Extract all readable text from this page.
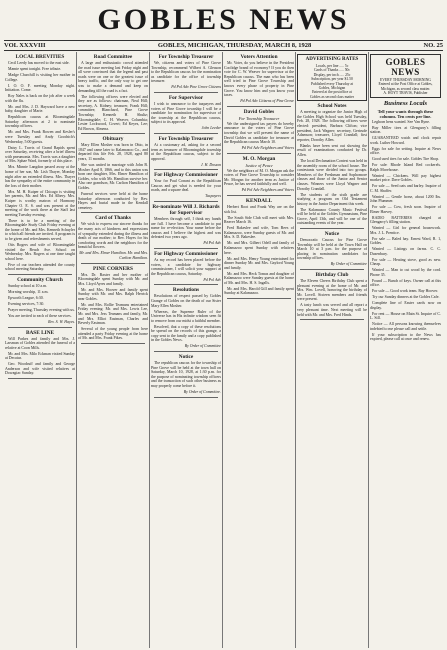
GOBLES NEWS
VOL XXXVIII	GOBLES, MICHIGAN, THURSDAY, MARCH 8, 1928	NO. 25
LOCAL BREVITIES
Cecil Leedy has moved to the east side.
Mamie spent tonight. Free tribute.
Madge Churchill is visiting her mother in College.
I. O. O. F. meeting Monday night. Initiation. Come.
Roy Nales is back on the job after a week with the flu.
Mr. and Mrs. J. D. Hayward have a new baby, daughter of Marie.
Republican caucus at Bloomingdale Saturday afternoon at 2 to nominate township officers.
Mr. and Mrs. Frank Bowen and Kesler's were Tuesday and Andy Goodrich's Wednesday, 5:00 guests.
Daisy L. Travis of Grand Rapids spent over Saturday, receiving after a brief illness with pneumonia. Mrs. Travis was a daughter of Mrs. Sphae Ward, formerly of this place.
Mrs. Minnie Langdon passed away at the home of her son, Mr. Lish Thayer, Monday night after an extended illness. Mrs. Thayer has the sympathy of the entire community in the loss of their mother.
Mrs. M. H. Kuiper of Chicago is visiting her parents, Mr. and Mrs. Ed Albery. Mrs. Kuiper is worthy matron of Harmony Chapter O. E. S. and was present at the meeting of the work there at the Staff last meeting Tuesday evening.
There is to be a meeting of the Bloomingdale Study Club Friday evening at the home of Mr. and Mrs. Kenneth Schuyler to which all friends are invited. A program is to be given and refreshments served.
Otis Rogers and wife of Bloomingdale visited the Beach Ave. School on Wednesday. Mrs. Rogers at one time taught school here.
Five of our teachers attended the county school meeting Saturday.
Community Church
Sunday school at 10 a.m.
Morning worship, 11 a.m.
Epworth League, 6:30.
Evening services, 7:30.
Prayer meeting, Thursday evening with us.
You are invited to each of these services.
Rev. S. W. Hayes.
BASE LINE
Will Parkes and family and Mrs. J. Larsman of Gobles attended the funeral of a relative at Coon Mills.
Mr. and Mrs. Milo Eckman visited Sunday at Decatur.
Geo. Woodruff and family and George Anderson and wife visited relatives at Dowagiac Sunday.
Road Committee
A large and enthusiastic crowd attended the road issue meeting last Friday night and all were convinced that the legend and past roads were on one or the greatest issue of heavy traffic, and the only way to get one was to make a demand and keep on demanding till the road is a fact.
The following officers were elected and they are as follows: chairman, Neal Hill; secretary, A. Kidney; treasurer, Frank Hill; committee, Blanchard, Pine Grove Township; Kenneth H. Shultz; Bloomingdale; C. H. Weaver, Columbia; Lester Lockwood, Covert; Ed Keyes, Lee; Ed Brown, Almena.
Obituary
Mary Ellen Mosher was born in Ohio, in 1847 and came later to Kalamazoo Co., and departed this life Feb. 28, 1928, aged 80 years, 11 months.
She was united in marriage with John B. Mosher April 8, 1866, and to this union was born one daughter, Mrs. Elmer Hamilton of Gobles, who with Mr. Hamilton survive her. Also one grandson, Mr. Carlton Hamilton of Gobles.
Funeral services were held at the home Saturday afternoon conducted by Rev. Hayes and burial made in the Kendall cemetery.
Card of Thanks
We wish to express our sincere thanks for the many acts of kindness and expressions of sympathy extended during the illness and death of our mother; to Rev. Hayes for his comforting words and the neighbors for the beautiful flowers.
Mr. and Mrs. Elmer Hamilton. Mr. and Mrs. Carlton Hamilton.
PINE CORNERS
Mrs. Dr. Baxter and her mother of Bloomingdale spent Sunday with Mr. and Mrs. Lloyd Ayres and family.
Mr. and Mrs. Hoover and family spent Sunday with Mr. and Mrs. Ralph Herrick near Gobles.
Mr. and Mrs. Rollie Teamans entertained Friday evening: Mr. and Mrs. Lewis Lee, Mr. and Mrs. Jess Teamans and family, Mr. and Mrs. Elliot Eastman, Charles and Beverly Eastman.
Several of the young people from here attended a party Friday evening at the home of Mr. and Mrs. Frank Pikes.
For Township Treasurer
We, citizens and voters of Pine Grove Township, recommend Wilbert A. Gleason to the Republican caucus for the nomination as candidate for the office of township treasurer.
Pd Pol Adv Pine Grove Citizens
For Supervisor
I wish to announce to the taxpayers and voters of Pine Grove township I will be a candidate for nomination for supervisor of the township at the Republican caucus, subject to its approval.
John Leeder
For Township Treasurer
At a customary ad, asking for a second term as treasurer of Bloomingdale township at the Republican caucus, subject to the approval.
J. H. Dosson
For Highway Commissioner
Your for Paul Conant as the Republican Caucus and get what is needed for your roads, and a square deal.
Taxpayers
Re-nominate Will J. Richards for Supervisor
Members through self, I think my hands are full. I have become a candidate to put name for re-election. Your name before the caucus and I believe the highest and was defeated two years ago.
Pd Pol Adv
For Highway Commissioner
As my record has been placed before the voters, a candidate for highway commissioner, I will solicit your support at the Republican caucus, Saturday.
Pd Pol Adv
Resolutions
Resolutions of respect passed by Gobles Grange of Gobles on the death of our Sister Mary Ellen Mosher.
Whereas, the Supreme Ruler of the Universe has in His infinite wisdom seen fit to remove from our midst a faithful member.
Resolved, that a copy of these resolutions be spread on the records of this grange, a copy sent to the family and a copy published in the Gobles News.
By Order of Committee
Notice
The republican caucus for the township of Pine Grove will be held at the town hall on Saturday, March 10, 1928, at 1:30 p.m. for the purpose of nominating township officers and the transaction of such other business as may properly come before it.
By Order of Committee.
Voters Attention
Mr. Voter, do you believe in the President Coolidge brand of economy? If you do then vote for C. W. Weaver for supervisor at the Republican caucus. The man who has been well tried in Pine Grove Township and knows every phase of property in Pine Grove. You know him and you know your taxes.
Pd Pol Adv Citizens of Pine Grove
David Gobles
For Township Treasurer
We the undersigned tax payers do hereby announce to the voters of Pine Grove township that we will present the name of David Gobles as candidate for treasurer at the Republican caucus March 10.
Pd Pol Adv Neighbors and Voters
M. O. Morgan
Justice of Peace
We the neighbors of M. O. Morgan ask the voters of Pine Grove Township to consider Mr. Morgan for another term as Justice of Peace, he has served faithfully and well.
Pd Pol Adv Neighbors and Voters
KENDALL
Herbert Root and Frank Way are on the sick list.
The South Side Club will meet with Mrs. Reaver March 16.
Fred Bakeslee and wife, Tom Rees of Kalamazoo, were Sunday guests of Mr. and Mrs. S. D. Bakeslee.
Mr. and Mrs. Gilbert Odell and family of Kalamazoo spent Sunday with relatives here.
Mr. and Mrs. Henry Young entertained for dinner Sunday Mr. and Mrs. Gaylord Young and family.
Mr. and Mrs. Heck Tomas and daughter of Kalamazoo were Sunday guests at the home of Mr. and Mrs. H. S. Ingalls.
Mr. and Mrs. Harold Gill and family spent Sunday at Kalamazoo.
ADVERTISING RATES
Locals, per line ..... 5c
Cards of Thanks ..... 50c
Display, per inch ..... 25c
Subscription, per year $1.50
Published every Thursday at
Gobles, Michigan
Entered at the postoffice at
Gobles as second class matter
School Notes
A meeting to organize the Junior High of the Gobles High School was held Tuesday, Feb. 28, 1928. The following officers were elected: president, Barbara Clifton; vice president, Jack Wagner; secretary, Gertrude Adamson; treasurer, Lloyd Crandall; first reporter, Dorothy Allen.
Blanks have been sent out showing the result of examinations conducted by Dr. Allen.
The local Declamation Contest was held in the assembly room of the school house. The contestants were divided into two groups. Members of the Freshman and Sophomore classes and those of the Junior and Senior classes. Winners were Lloyd Wagner and Dorothy Crandall.
The students of the sixth grade are studying a program on Old Testament history in the Junior Department this week.
The Kalamazoo County Music Festival will be held at the Gobles Gymnasium, Pine Grove, April 13th, and will be one of the outstanding events of the year.
Notice
Democratic Caucus for Pine Grove Township will be held at the Town Hall on March 10 at 3 p.m. for the purpose of placing in nomination candidates for township offices.
By Order of Committee
Birthday Club
The Eleven Cheers Birthday Club spent a pleasant evening at the home of Mr. and Mrs. Wm. Lovell, honoring the birthday of Mr. Lovell. Sixteen members and friends were present.
A tasty lunch was served and all report a very pleasant time. Next meeting will be held with Mr. and Mrs. Fred Hinds.
GOBLES NEWS
EVERY THURSDAY MORNING
Entered at the Post Office at Gobles,
Michigan, as second class matter.
A. HOYT TRAVIS, Publisher
Business Locals
Tell your wants through these columns. Ten cents per line.
Leghorn hens wanted. See Van Ryne.
Buy Miller tires at Glengarry's filling station.
GUARANTEED watch and clock repair work. Luther Howard.
Eggs for sale for setting. Inquire at News office.
Good used tires for sale. Gobles Tire Shop.
For sale: Rhode Island Red cockerels. Ralph Morehouse.
Wanted — Chickens. Will pay highest market price. Dave Gobles.
For sale — Seed oats and barley. Inquire of C. M. Shaffer.
Wanted — Gentle horse, about 1200 lbs. John Plummer.
For sale — Cow, fresh soon. Inquire of Elmer Harvey.
RADIO BATTERIES charged at Glengarry's filling station.
Wanted — Girl for general housework. Mrs. J. L. Prentice.
For sale — Baled hay. Ernest Ward, R. 1, Gobles.
Wanted — Listings on farms. C. C. Dusenbury.
For sale — Heating stove, good as new. Cheap.
Wanted — Man to cut wood by the cord. Phone 35.
Found — Bunch of keys. Owner call at this office.
For sale — Good work team. Ray Hoover.
Try our Sunday dinners at the Gobles Cafe.
Complete line of Easter cards now on display.
For rent — House on Main St. Inquire of C. L. Sill.
Notice — All persons knowing themselves indebted to me please call and settle.
If your subscription to the News has expired, please call at once and renew.
